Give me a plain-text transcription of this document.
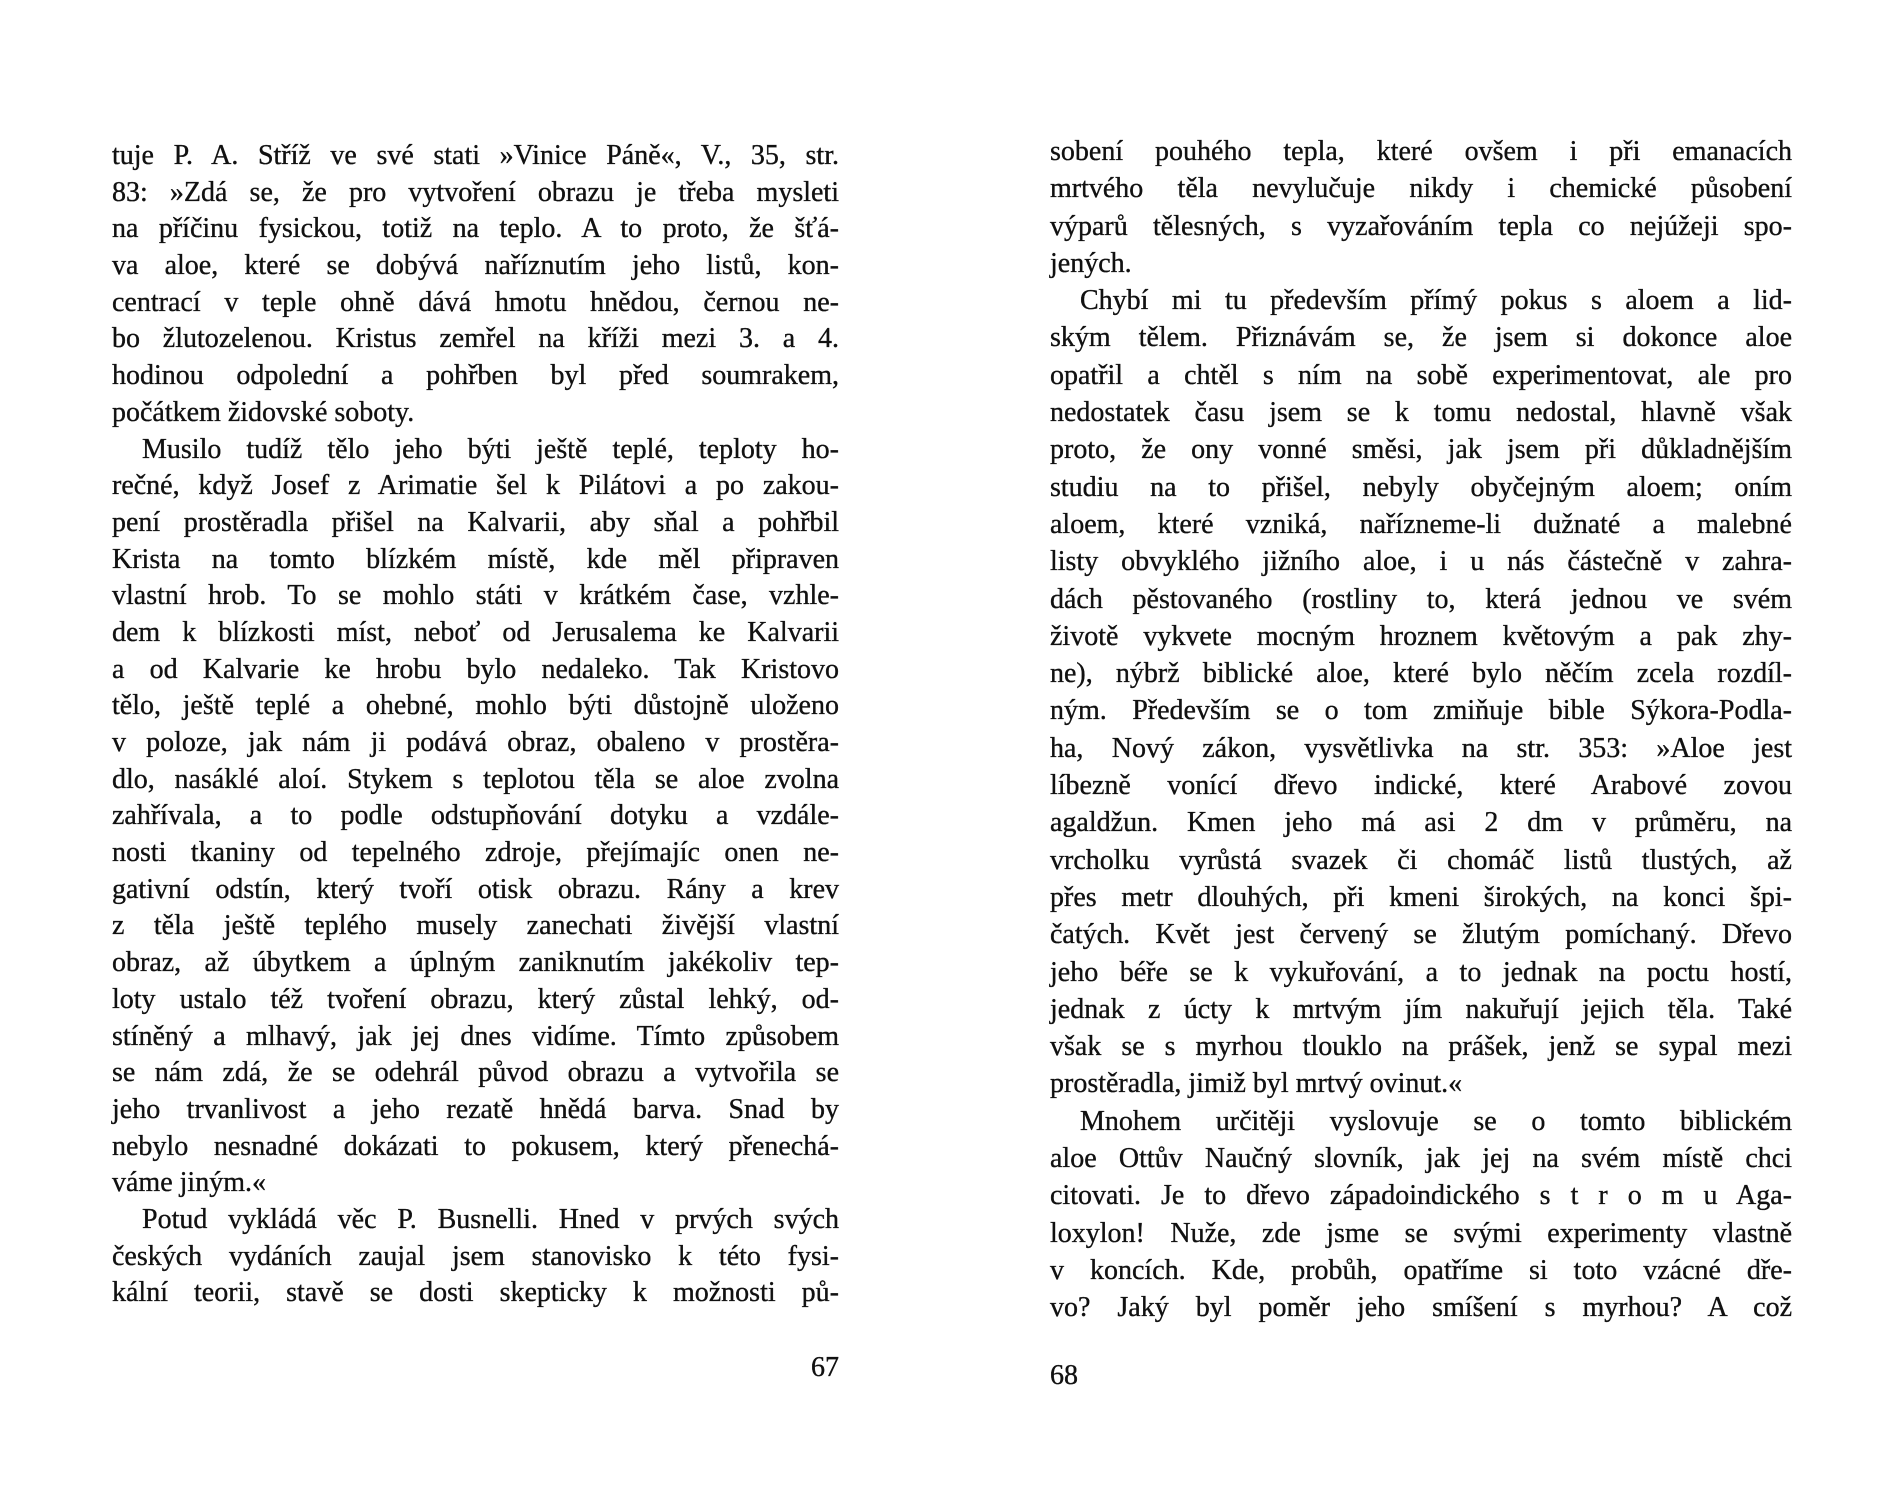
tuje P. A. Stříž ve své stati »Vinice Páně«, V., 35, str.
83: »Zdá se, že pro vytvoření obrazu je třeba mysleti
na příčinu fysickou, totiž na teplo. A to proto, že šťá-
va aloe, které se dobývá naříznutím jeho listů, kon-
centrací v teple ohně dává hmotu hnědou, černou ne-
bo žlutozelenou. Kristus zemřel na kříži mezi 3. a 4.
hodinou odpolední a pohřben byl před soumrakem,
počátkem židovské soboty.
Musilo tudíž tělo jeho býti ještě teplé, teploty ho-
rečné, když Josef z Arimatie šel k Pilátovi a po zakou-
pení prostěradla přišel na Kalvarii, aby sňal a pohřbil
Krista na tomto blízkém místě, kde měl připraven
vlastní hrob. To se mohlo státi v krátkém čase, vzhle-
dem k blízkosti míst, neboť od Jerusalema ke Kalvarii
a od Kalvarie ke hrobu bylo nedaleko. Tak Kristovo
tělo, ještě teplé a ohebné, mohlo býti důstojně uloženo
v poloze, jak nám ji podává obraz, obaleno v prostěra-
dlo, nasáklé aloí. Stykem s teplotou těla se aloe zvolna
zahřívala, a to podle odstupňování dotyku a vzdále-
nosti tkaniny od tepelného zdroje, přejímajíc onen ne-
gativní odstín, který tvoří otisk obrazu. Rány a krev
z těla ještě teplého musely zanechati živější vlastní
obraz, až úbytkem a úplným zaniknutím jakékoliv tep-
loty ustalo též tvoření obrazu, který zůstal lehký, od-
stíněný a mlhavý, jak jej dnes vidíme. Tímto způsobem
se nám zdá, že se odehrál původ obrazu a vytvořila se
jeho trvanlivost a jeho rezatě hnědá barva. Snad by
nebylo nesnadné dokázati to pokusem, který přenechá-
váme jiným.«
Potud vykládá věc P. Busnelli. Hned v prvých svých
českých vydáních zaujal jsem stanovisko k této fysi-
kální teorii, stavě se dosti skepticky k možnosti pů-
sobení pouhého tepla, které ovšem i při emanacích
mrtvého těla nevylučuje nikdy i chemické působení
výparů tělesných, s vyzařováním tepla co nejúžeji spo-
jených.
Chybí mi tu především přímý pokus s aloem a lid-
ským tělem. Přiznávám se, že jsem si dokonce aloe
opatřil a chtěl s ním na sobě experimentovat, ale pro
nedostatek času jsem se k tomu nedostal, hlavně však
proto, že ony vonné směsi, jak jsem při důkladnějším
studiu na to přišel, nebyly obyčejným aloem; oním
aloem, které vzniká, nařízneme-li dužnaté a malebné
listy obvyklého jižního aloe, i u nás částečně v zahra-
dách pěstovaného (rostliny to, která jednou ve svém
životě vykvete mocným hroznem květovým a pak zhy-
ne), nýbrž biblické aloe, které bylo něčím zcela rozdíl-
ným. Především se o tom zmiňuje bible Sýkora-Podla-
ha, Nový zákon, vysvětlivka na str. 353: »Aloe jest
líbezně vonící dřevo indické, které Arabové zovou
agaldžun. Kmen jeho má asi 2 dm v průměru, na
vrcholku vyrůstá svazek či chomáč listů tlustých, až
přes metr dlouhých, při kmeni širokých, na konci špi-
čatých. Květ jest červený se žlutým pomíchaný. Dřevo
jeho béře se k vykuřování, a to jednak na poctu hostí,
jednak z úcty k mrtvým jím nakuřují jejich těla. Také
však se s myrhou tlouklo na prášek, jenž se sypal mezi
prostěradla, jimiž byl mrtvý ovinut.«
Mnohem určitěji vyslovuje se o tomto biblickém
aloe Ottův Naučný slovník, jak jej na svém místě chci
citovati. Je to dřevo západoindického s t r o m u Aga-
loxylon! Nuže, zde jsme se svými experimenty vlastně
v koncích. Kde, probůh, opatříme si toto vzácné dře-
vo? Jaký byl poměr jeho smíšení s myrhou? A což
67	68
